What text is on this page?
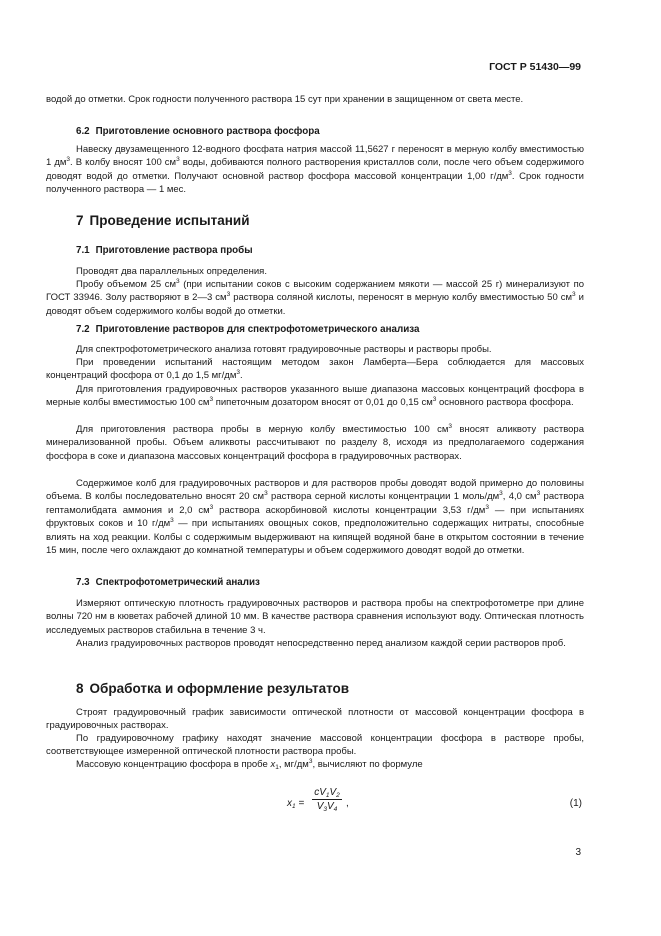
ГОСТ Р 51430—99

водой до отметки. Срок годности полученного раствора 15 сут при хранении в защищенном от света месте.

6.2 Приготовление основного раствора фосфора

Навеску двузамещенного 12-водного фосфата натрия массой 11,5627 г переносят в мерную колбу вместимостью 1 $дм^3$. В колбу вносят 100 $см^3$ воды, добиваются полного растворения кристаллов соли, после чего объем содержимого доводят водой до отметки. Получают основной раствор фосфора массовой концентрации 1,00 $г/дм^3$. Срок годности полученного раствора — 1 мес.

7 Проведение испытаний
7.1 Приготовление раствора пробы

Проводят два параллельных определения.

Пробу объемом 25 $см^3$ (при испытании соков с высоким содержанием мякоти — массой 25 г) минерализуют по ГОСТ 33946. Золу растворяют в 2—3 $см^3$ раствора соляной кислоты, переносят в мерную колбу вместимостью 50 $см^3$ и доводят объем содержимого колбы водой до отметки.

7.2 Приготовление растворов для спектрофотометрического анализа

Для спектрофотометрического анализа готовят градуировочные растворы и растворы пробы.

При проведении испытаний настоящим методом закон Ламберта—Бера соблюдается для массовых концентраций фосфора от 0,1 до 1,5 $мг/дм^3$.

Для приготовления градуировочных растворов указанного выше диапазона массовых концентраций фосфора в мерные колбы вместимостью 100 $см^3$ пипеточным дозатором вносят от 0,01 до 0,15 $см^3$ основного раствора фосфора.

Для приготовления раствора пробы в мерную колбу вместимостью 100 $см^3$ вносят аликвоту раствора минерализованной пробы. Объем аликвоты рассчитывают по разделу 8, исходя из предполагаемого содержания фосфора в соке и диапазона массовых концентраций фосфора в градуировочных растворах.

Содержимое колб для градуировочных растворов и для растворов пробы доводят водой примерно до половины объема. В колбы последовательно вносят 20 $см^3$ раствора серной кислоты концентрации 1 моль/$дм^3$, 4,0 $см^3$ раствора гептамолибдата аммония и 2,0 $см^3$ раствора аскорбиновой кислоты концентрации 3,53 $г/дм^3$ — при испытаниях фруктовых соков и 10 $г/дм^3$ — при испытаниях овощных соков, предположительно содержащих нитраты, способные влиять на ход реакции. Колбы с содержимым выдерживают на кипящей водяной бане в открытом состоянии в течение 15 мин, после чего охлаждают до комнатной температуры и объем содержимого доводят водой до отметки.

7.3 Спектрофотометрический анализ

Измеряют оптическую плотность градуировочных растворов и раствора пробы на спектрофотометре при длине волны 720 нм в кюветах рабочей длиной 10 мм. В качестве раствора сравнения используют воду. Оптическая плотность исследуемых растворов стабильна в течение 3 ч.

Анализ градуировочных растворов проводят непосредственно перед анализом каждой серии растворов проб.

8 Обработка и оформление результатов

Строят градуировочный график зависимости оптической плотности от массовой концентрации фосфора в градуировочных растворах.

По градуировочному графику находят значение массовой концентрации фосфора в растворе пробы, соответствующее измеренной оптической плотности раствора пробы.

Массовую концентрацию фосфора в пробе $x_1$, $мг/дм^3$, вычисляют по формуле

$x_1 = \frac{cV_1V_2}{V_3V_4}$ ,	(1)
3
